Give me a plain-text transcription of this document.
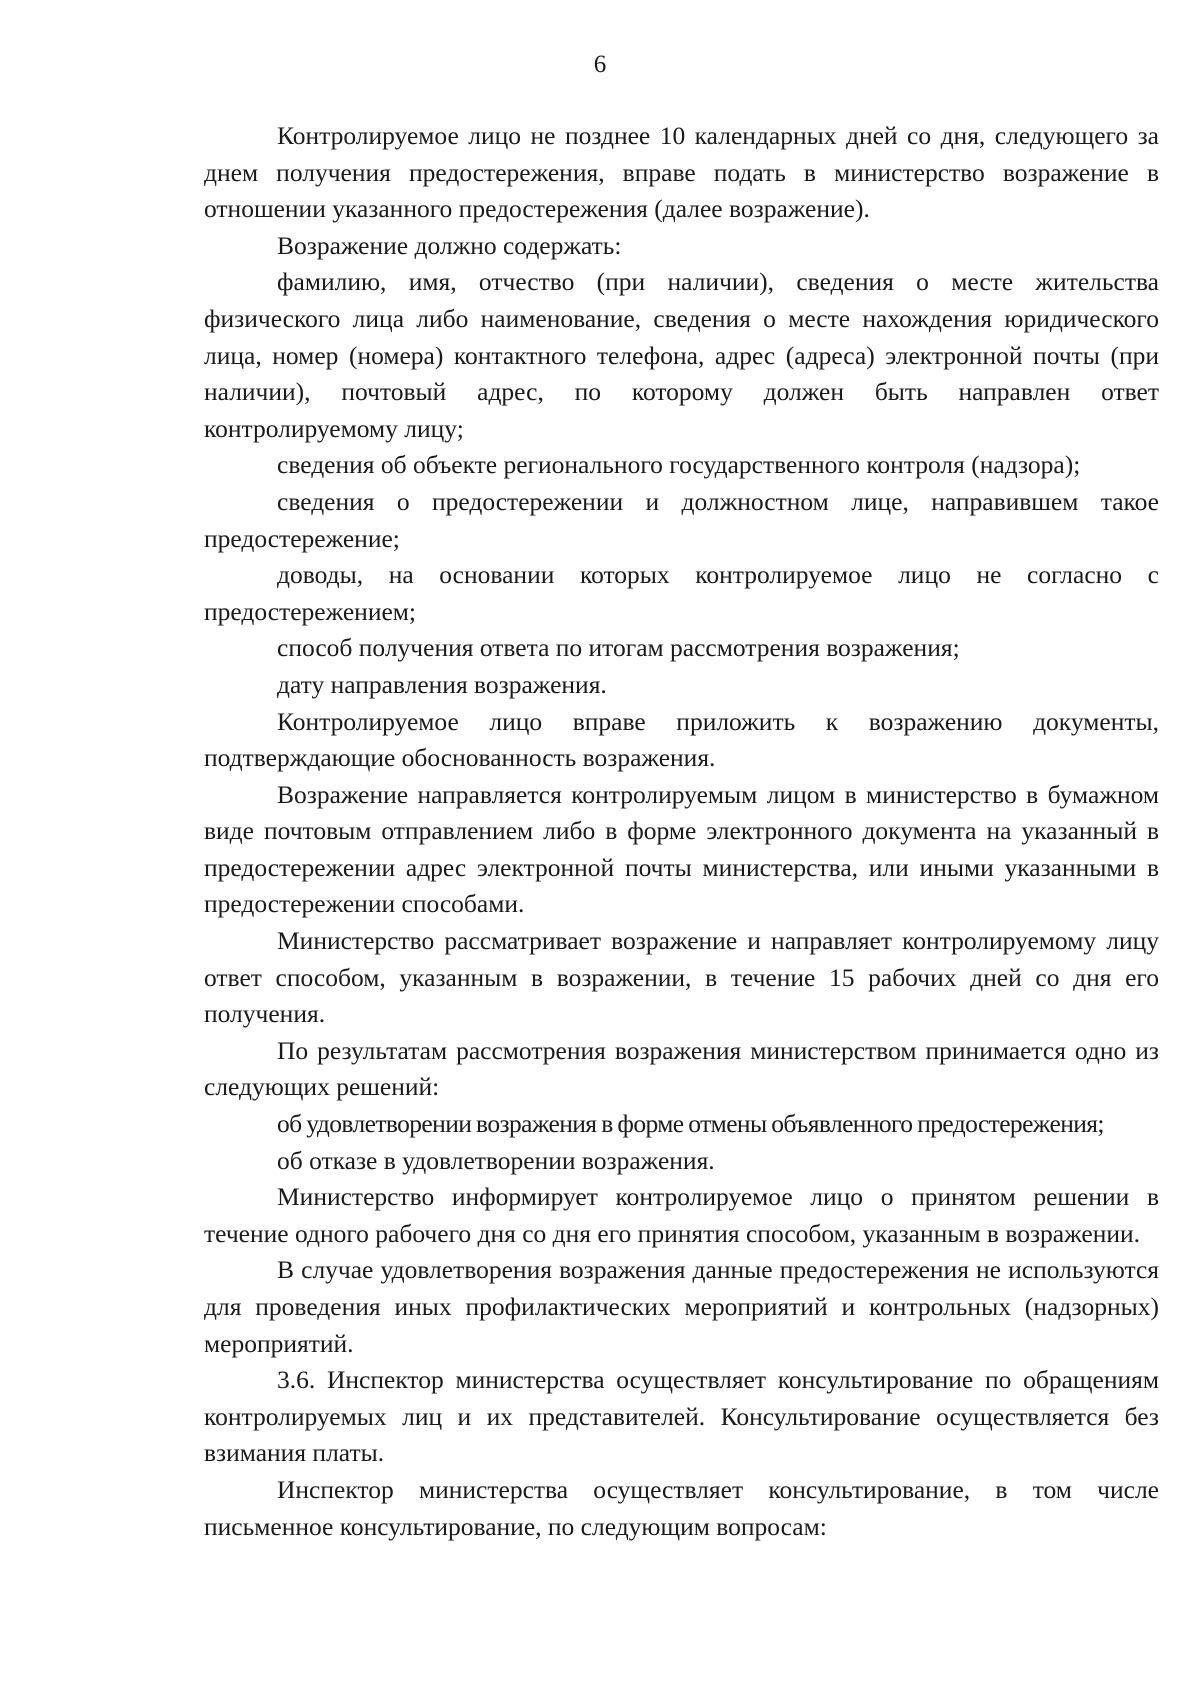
6

Контролируемое лицо не позднее 10 календарных дней со дня, следующего за днем получения предостережения, вправе подать в министерство возражение в отношении указанного предостережения (далее возражение).

Возражение должно содержать:

фамилию, имя, отчество (при наличии), сведения о месте жительства физического лица либо наименование, сведения о месте нахождения юридического лица, номер (номера) контактного телефона, адрес (адреса) электронной почты (при наличии), почтовый адрес, по которому должен быть направлен ответ контролируемому лицу;

сведения об объекте регионального государственного контроля (надзора);

сведения о предостережении и должностном лице, направившем такое предостережение;

доводы, на основании которых контролируемое лицо не согласно с предостережением;

способ получения ответа по итогам рассмотрения возражения;

дату направления возражения.

Контролируемое лицо вправе приложить к возражению документы, подтверждающие обоснованность возражения.

Возражение направляется контролируемым лицом в министерство в бумажном виде почтовым отправлением либо в форме электронного документа на указанный в предостережении адрес электронной почты министерства, или иными указанными в предостережении способами.

Министерство рассматривает возражение и направляет контролируемому лицу ответ способом, указанным в возражении, в течение 15 рабочих дней со дня его получения.

По результатам рассмотрения возражения министерством принимается одно из следующих решений:

об удовлетворении возражения в форме отмены объявленного предостережения;

об отказе в удовлетворении возражения.

Министерство информирует контролируемое лицо о принятом решении в течение одного рабочего дня со дня его принятия способом, указанным в возражении.

В случае удовлетворения возражения данные предостережения не используются для проведения иных профилактических мероприятий и контрольных (надзорных) мероприятий.

3.6. Инспектор министерства осуществляет консультирование по обращениям контролируемых лиц и их представителей. Консультирование осуществляется без взимания платы.

Инспектор министерства осуществляет консультирование, в том числе письменное консультирование, по следующим вопросам:
